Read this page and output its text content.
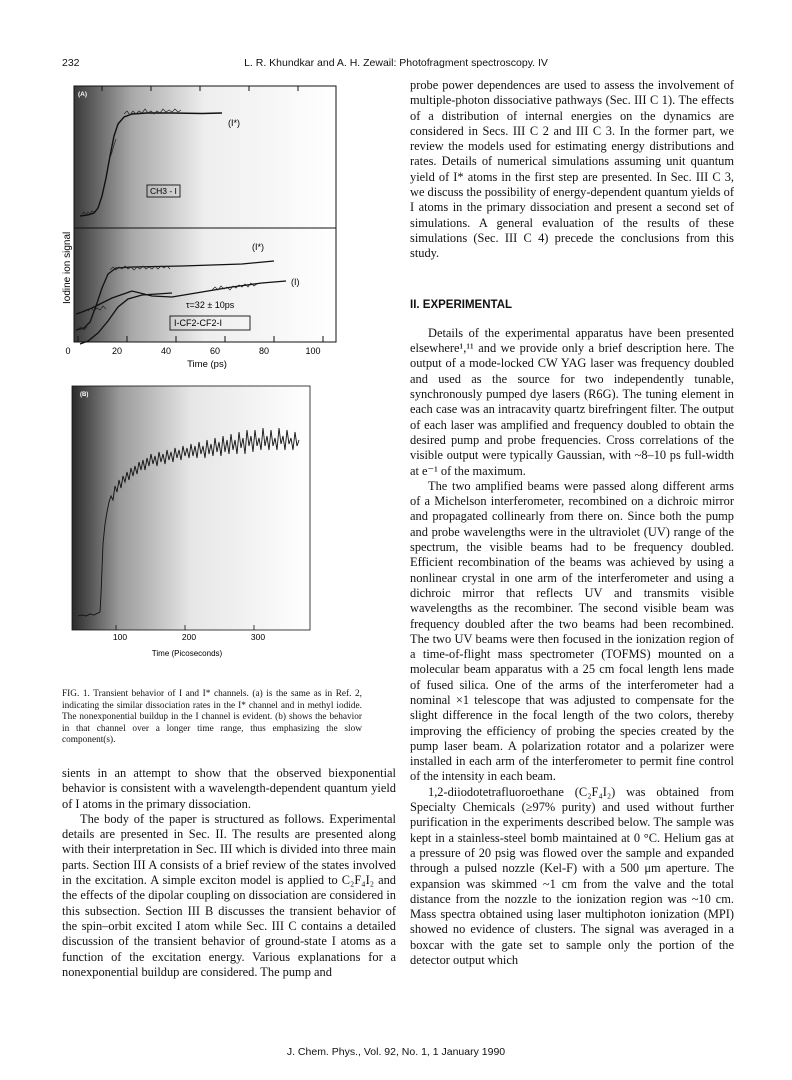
232	L. R. Khundkar and A. H. Zewail: Photofragment spectroscopy. IV
(I*)
CH3 - I
(I*)
(I)
τ=32 ± 10ps
I-CF2-CF2-I
(A)
Iodine ion signal
0	20	40	60	80	100
Time (ps)
(B)
100	200	300
Time (Picoseconds)
FIG. 1. Transient behavior of I and I* channels. (a) is the same as in Ref. 2, indicating the similar dissociation rates in the I* channel and in methyl iodide. The nonexponential buildup in the I channel is evident. (b) shows the behavior in that channel over a longer time range, thus emphasizing the slow component(s).

sients in an attempt to show that the observed biexponential behavior is consistent with a wavelength-dependent quantum yield of I atoms in the primary dissociation.

The body of the paper is structured as follows. Experimental details are presented in Sec. II. The results are presented along with their interpretation in Sec. III which is divided into three main parts. Section III A consists of a brief review of the states involved in the excitation. A simple exciton model is applied to C₂F₄I₂ and the effects of the dipolar coupling on dissociation are considered in this subsection. Section III B discusses the transient behavior of the spin–orbit excited I atom while Sec. III C contains a detailed discussion of the transient behavior of ground-state I atoms as a function of the excitation energy. Various explanations for a nonexponential buildup are considered. The pump and

probe power dependences are used to assess the involvement of multiple-photon dissociative pathways (Sec. III C 1). The effects of a distribution of internal energies on the dynamics are considered in Secs. III C 2 and III C 3. In the former part, we review the models used for estimating energy distributions and rates. Details of numerical simulations assuming unit quantum yield of I* atoms in the first step are presented. In Sec. III C 3, we discuss the possibility of energy-dependent quantum yields of I atoms in the primary dissociation and present a second set of simulations. A general evaluation of the results of these simulations (Sec. III C 4) precede the conclusions from this study.

II. EXPERIMENTAL

Details of the experimental apparatus have been presented elsewhere¹,¹¹ and we provide only a brief description here. The output of a mode-locked CW YAG laser was frequency doubled and used as the source for two independently tunable, synchronously pumped dye lasers (R6G). The tuning element in each case was an intracavity quartz birefringent filter. The output of each laser was amplified and frequency doubled to obtain the desired pump and probe frequencies. Cross correlations of the visible output were typically Gaussian, with ~8–10 ps full-width at e⁻¹ of the maximum.

The two amplified beams were passed along different arms of a Michelson interferometer, recombined on a dichroic mirror and propagated collinearly from there on. Since both the pump and probe wavelengths were in the ultraviolet (UV) range of the spectrum, the visible beams had to be frequency doubled. Efficient recombination of the beams was achieved by using a nonlinear crystal in one arm of the interferometer and using a dichroic mirror that reflects UV and transmits visible wavelengths as the recombiner. The second visible beam was frequency doubled after the two beams had been recombined. The two UV beams were then focused in the ionization region of a time-of-flight mass spectrometer (TOFMS) mounted on a molecular beam apparatus with a 25 cm focal length lens made of fused silica. One of the arms of the interferometer had a nominal ×1 telescope that was adjusted to compensate for the slight difference in the focal length of the two colors, thereby improving the efficiency of probing the species created by the pump laser beam. A polarization rotator and a polarizer were installed in each arm of the interferometer to permit fine control of the intensity in each beam.

1,2-diiodotetrafluoroethane (C₂F₄I₂) was obtained from Specialty Chemicals (≥97% purity) and used without further purification in the experiments described below. The sample was kept in a stainless-steel bomb maintained at 0 °C. Helium gas at a pressure of 20 psig was flowed over the sample and expanded through a pulsed nozzle (Kel-F) with a 500 μm aperture. The expansion was skimmed ~1 cm from the valve and the total distance from the nozzle to the ionization region was ~10 cm. Mass spectra obtained using laser multiphoton ionization (MPI) showed no evidence of clusters. The signal was averaged in a boxcar with the gate set to sample only the portion of the detector output which

J. Chem. Phys., Vol. 92, No. 1, 1 January 1990
